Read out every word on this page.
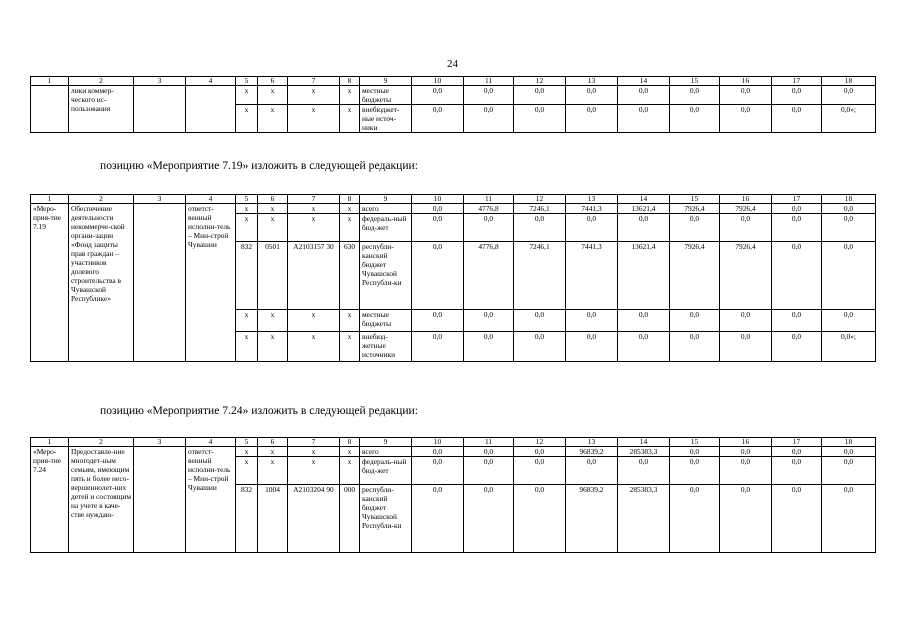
24
1	2	3	4	5	6	7	8	9	10	11	12	13	14	15	16	17	18
	лики коммер-ческого ис-пользования			x	x	x	x	местные бюджеты	0,0	0,0	0,0	0,0	0,0	0,0	0,0	0,0	0,0
				x	x	x	x	внебюджет-ные источ-ники	0,0	0,0	0,0	0,0	0,0	0,0	0,0	0,0	0,0»;
позицию «Мероприятие 7.19» изложить в следующей редакции:
1	2	3	4	5	6	7	8	9	10	11	12	13	14	15	16	17	18
«Меро-прия-тие 7.19	Обеспечение деятельности некоммерче-ской органи-зации «Фонд защиты прав граждан – участников долевого строительства в Чувашской Республике»		ответст-венный исполни-тель – Мин-строй Чувашии	x	x	x	x	всего	0,0	4776,8	7246,1	7441,3	13621,4	7926,4	7926,4	0,0	0,0
				x	x	x	x	федераль-ный бюд-жет	0,0	0,0	0,0	0,0	0,0	0,0	0,0	0,0	0,0
				832	0501	A2103157 30	630	республи-канский бюджет Чувашской Республи-ки	0,0	4776,8	7246,1	7441,3	13621,4	7926,4	7926,4	0,0	0,0
				x	x	x	x	местные бюджеты	0,0	0,0	0,0	0,0	0,0	0,0	0,0	0,0	0,0
				x	x	x	x	внебюд-жетные источники	0,0	0,0	0,0	0,0	0,0	0,0	0,0	0,0	0,0»;
позицию «Мероприятие 7.24» изложить в следующей редакции:
1	2	3	4	5	6	7	8	9	10	11	12	13	14	15	16	17	18
«Меро-прия-тие 7.24	Предоставле-ние многодет-ным семьям, имеющим пять и более несо-вершеннолет-них детей и состоящим на учете в каче-стве нуждаю-		ответст-венный исполни-тель – Мин-строй Чувашии	x	x	x	x	всего	0,0	0,0	0,0	96839,2	285383,3	0,0	0,0	0,0	0,0
				x	x	x	x	федераль-ный бюд-жет	0,0	0,0	0,0	0,0	0,0	0,0	0,0	0,0	0,0
				832	1004	A2103204 90	000	республи-канский бюджет Чувашской Республи-ки	0,0	0,0	0,0	96839,2	285383,3	0,0	0,0	0,0	0,0
